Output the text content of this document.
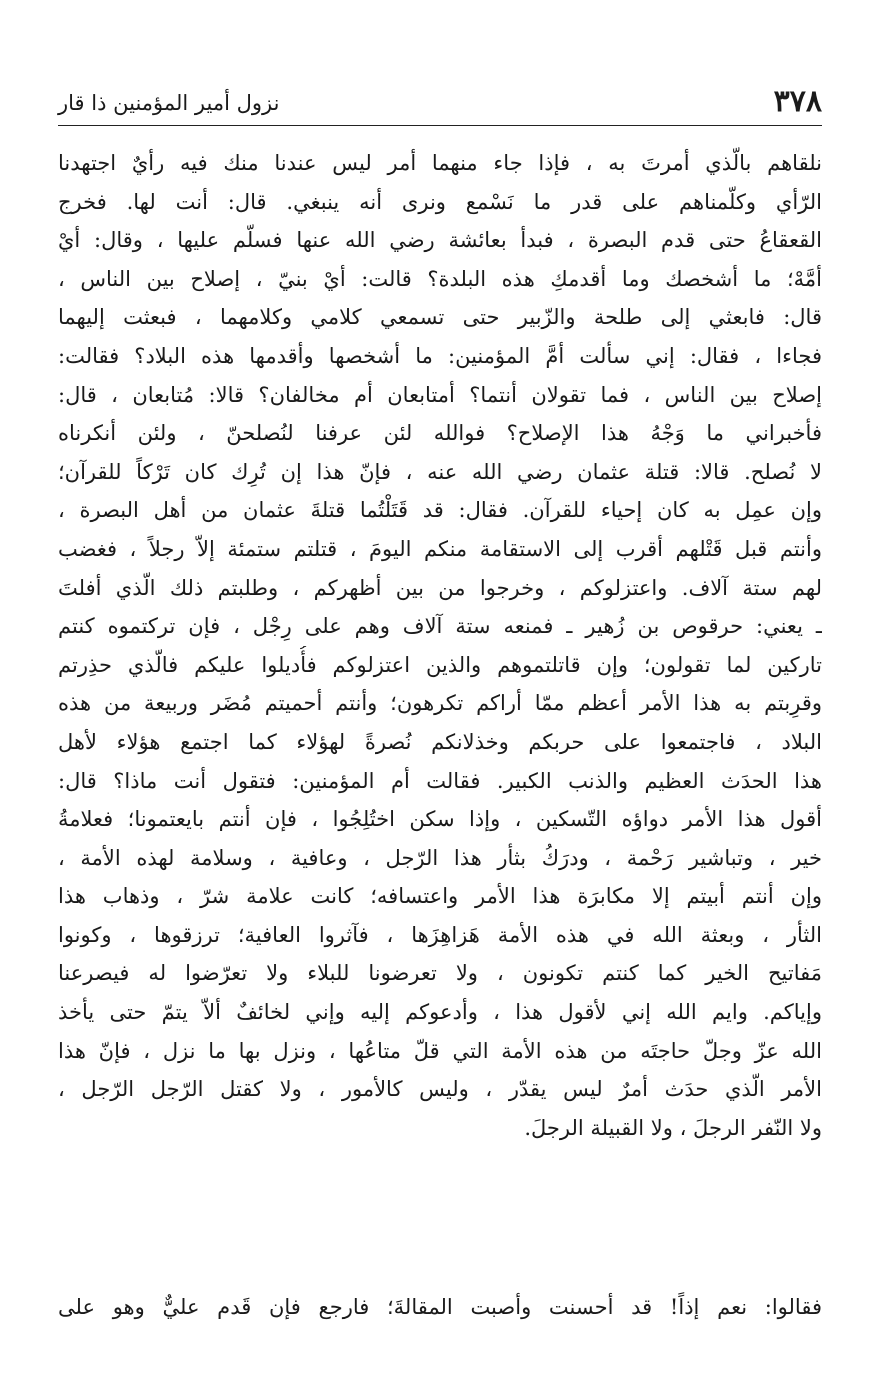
٣٧٨
نزول أمير المؤمنين ذا قار
نلقاهم بالّذي أمرتَ به ، فإذا جاء منهما أمر ليس عندنا منك فيه رأيٌ اجتهدنا
الرّأي وكلّمناهم على قدر ما نَسْمع ونرى أنه ينبغي. قال: أنت لها. فخرج
القعقاعُ حتى قدم البصرة ، فبدأ بعائشة رضي الله عنها فسلّم عليها ، وقال: أيْ
أمَّهْ؛ ما أشخصك وما أقدمكِ هذه البلدة؟ قالت: أيْ بنيّ ، إصلاح بين الناس ،
قال: فابعثي إلى طلحة والزّبير حتى تسمعي كلامي وكلامهما ، فبعثت إليهما
فجاءا ، فقال: إني سألت أمَّ المؤمنين: ما أشخصها وأقدمها هذه البلاد؟ فقالت:
إصلاح بين الناس ، فما تقولان أنتما؟ أمتابعان أم مخالفان؟ قالا: مُتابعان ، قال:
فأخبراني ما وَجْهُ هذا الإصلاح؟ فوالله لئن عرفنا لنُصلحنّ ، ولئن أنكرناه
لا نُصلح. قالا: قتلة عثمان رضي الله عنه ، فإنّ هذا إن تُرِك كان تَرْكاً للقرآن؛
وإن عمِل به كان إحياء للقرآن. فقال: قد قَتَلْتُما قتلةَ عثمان من أهل البصرة ،
وأنتم قبل قَتْلهم أقرب إلى الاستقامة منكم اليومَ ، قتلتم ستمئة إلاّ رجلاً ، فغضب
لهم ستة آلاف. واعتزلوكم ، وخرجوا من بين أظهركم ، وطلبتم ذلك الّذي أفلتَ
ـ يعني: حرقوص بن زُهير ـ فمنعه ستة آلاف وهم على رِجْل ، فإن تركتموه كنتم
تاركين لما تقولون؛ وإن قاتلتموهم والذين اعتزلوكم فأُديلوا عليكم فالّذي حذِرتم
وقرِبتم به هذا الأمر أعظم ممّا أراكم تكرهون؛ وأنتم أحميتم مُضَر وربيعة من هذه
البلاد ، فاجتمعوا على حربكم وخذلانكم نُصرةً لهؤلاء كما اجتمع هؤلاء لأهل
هذا الحدَث العظيم والذنب الكبير. فقالت أم المؤمنين: فتقول أنت ماذا؟ قال:
أقول هذا الأمر دواؤه التّسكين ، وإذا سكن اختُلِجُوا ، فإن أنتم بايعتمونا؛ فعلامةُ
خير ، وتباشير رَحْمة ، ودرَكُ بثأر هذا الرّجل ، وعافية ، وسلامة لهذه الأمة ،
وإن أنتم أبيتم إلا مكابرَة هذا الأمر واعتسافه؛ كانت علامة شرّ ، وذهاب هذا
الثأر ، وبعثة الله في هذه الأمة هَزاهِزَها ، فآثروا العافية؛ ترزقوها ، وكونوا
مَفاتيح الخير كما كنتم تكونون ، ولا تعرضونا للبلاء ولا تعرّضوا له فيصرعنا
وإياكم. وايم الله إني لأقول هذا ، وأدعوكم إليه وإني لخائفٌ ألاّ يتمّ حتى يأخذ
الله عزّ وجلّ حاجتَه من هذه الأمة التي قلّ متاعُها ، ونزل بها ما نزل ، فإنّ هذا
الأمر الّذي حدَث أمرٌ ليس يقدّر ، وليس كالأمور ، ولا كقتل الرّجل الرّجل ،
ولا النّفر الرجلَ ، ولا القبيلة الرجلَ.
فقالوا: نعم إذاً! قد أحسنت وأصبت المقالةَ؛ فارجع فإن قَدم عليٌّ وهو على
